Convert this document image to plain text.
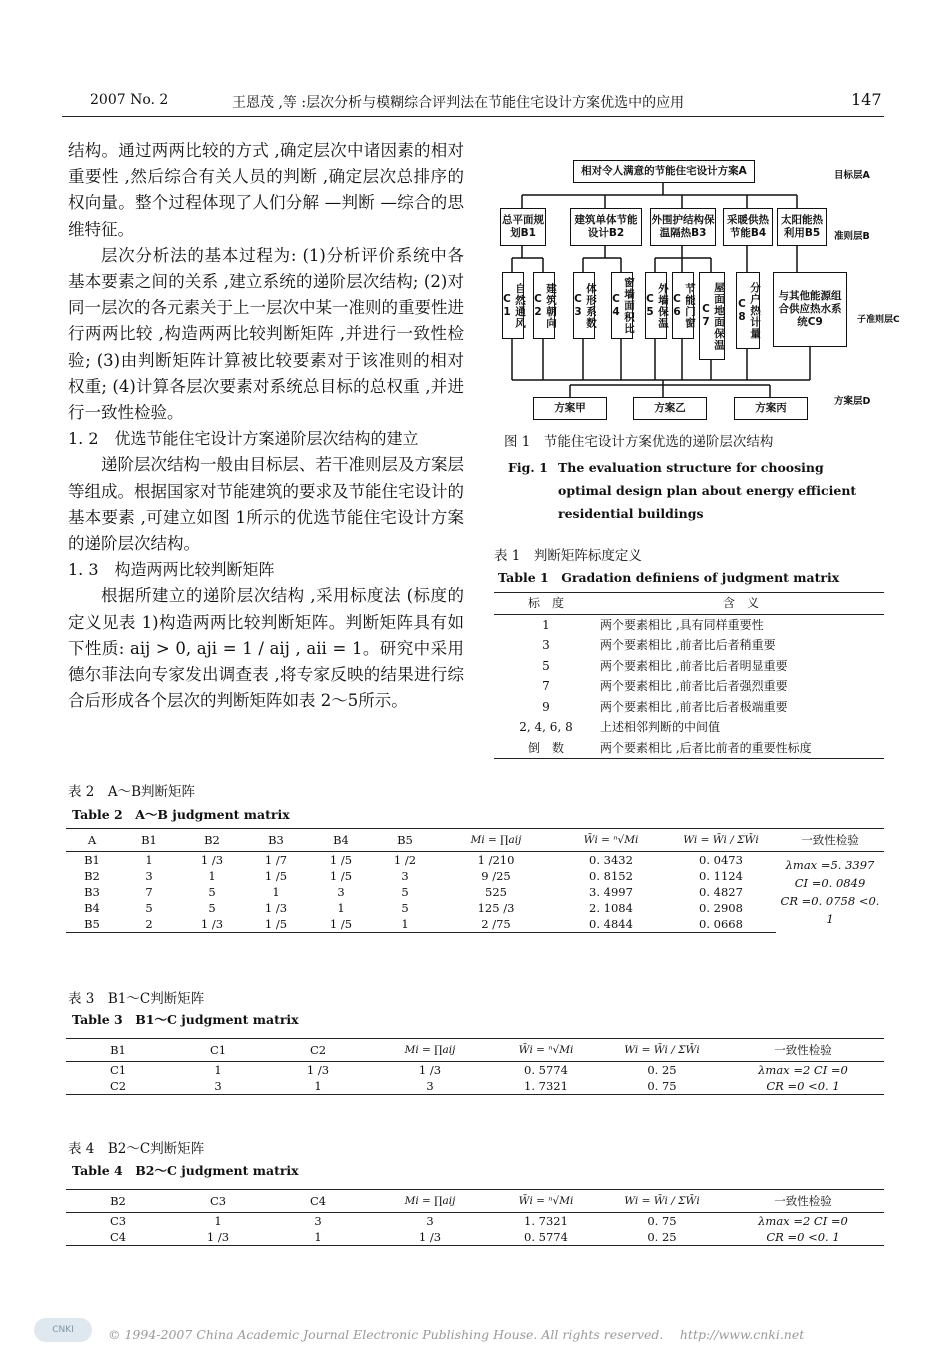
2007 No. 2	王恩茂 ,等 :层次分析与模糊综合评判法在节能住宅设计方案优选中的应用	147

结构。通过两两比较的方式 ,确定层次中诸因素的相对重要性 ,然后综合有关人员的判断 ,确定层次总排序的权向量。整个过程体现了人们分解 —判断 —综合的思维特征。

层次分析法的基本过程为: (1)分析评价系统中各基本要素之间的关系 ,建立系统的递阶层次结构; (2)对同一层次的各元素关于上一层次中某一准则的重要性进行两两比较 ,构造两两比较判断矩阵 ,并进行一致性检验; (3)由判断矩阵计算被比较要素对于该准则的相对权重; (4)计算各层次要素对系统总目标的总权重 ,并进行一致性检验。

1. 2　优选节能住宅设计方案递阶层次结构的建立

递阶层次结构一般由目标层、若干准则层及方案层等组成。根据国家对节能建筑的要求及节能住宅设计的基本要素 ,可建立如图 1所示的优选节能住宅设计方案的递阶层次结构。

1. 3　构造两两比较判断矩阵

根据所建立的递阶层次结构 ,采用标度法 (标度的定义见表 1)构造两两比较判断矩阵。判断矩阵具有如下性质: aij > 0, aji = 1 / aij , aii = 1。研究中采用德尔菲法向专家发出调查表 ,将专家反映的结果进行综合后形成各个层次的判断矩阵如表 2～5所示。

相对令人满意的节能住宅设计方案A	目标层A
总平面规划B1
建筑单体节能设计B2
外围护结构保温隔热B3
采暖供热节能B4
太阳能热利用B5	准则层B
自然通风C1	建筑朝向C2	体形系数C3	窗墙面积比C4	外墙保温C5	节能门窗C6	屋面地面保温C7	分户热计量C8
与其他能源组合供应热水系统C9	子准则层C
方案甲	方案乙	方案丙
方案层D
图 1　节能住宅设计方案优选的递阶层次结构
Fig. 1 The evaluation structure for choosing optimal design plan about energy efficient residential buildings
表 1　判断矩阵标度定义
Table 1　Gradation definiens of judgment matrix
标　度	含　义
1	两个要素相比 ,具有同样重要性
3	两个要素相比 ,前者比后者稍重要
5	两个要素相比 ,前者比后者明显重要
7	两个要素相比 ,前者比后者强烈重要
9	两个要素相比 ,前者比后者极端重要
2, 4, 6, 8	上述相邻判断的中间值
倒　数	两个要素相比 ,后者比前者的重要性标度
表 2　A～B判断矩阵
Table 2　A～B judgment matrix
A	B1	B2	B3	B4	B5	Mi = ∏aij	W̄i = ⁿ√Mi	Wi = W̄i / ΣW̄i	一致性检验
B1	1	1 /3	1 /7	1 /5	1 /2	1 /210	0. 3432	0. 0473	λmax =5. 3397
CI =0. 0849
CR =0. 0758 <0. 1

B2	3	1	1 /5	1 /5	3	9 /25	0. 8152	0. 1124	
B3	7	5	1	3	5	525	3. 4997	0. 4827	
B4	5	5	1 /3	1	5	125 /3	2. 1084	0. 2908	
B5	2	1 /3	1 /5	1 /5	1	2 /75	0. 4844	0. 0668	
表 3　B1～C判断矩阵
Table 3　B1～C judgment matrix
B1	C1	C2	Mi = ∏aij	W̄i = ⁿ√Mi	Wi = W̄i / ΣW̄i	一致性检验
C1	1	1 /3	1 /3	0. 5774	0. 25	λmax =2 CI =0
C2	3	1	3	1. 7321	0. 75	CR =0 <0. 1
表 4　B2～C判断矩阵
Table 4　B2～C judgment matrix
B2	C3	C4	Mi = ∏aij	W̄i = ⁿ√Mi	Wi = W̄i / ΣW̄i	一致性检验
C3	1	3	3	1. 7321	0. 75	λmax =2 CI =0
C4	1 /3	1	1 /3	0. 5774	0. 25	CR =0 <0. 1
CNKI	© 1994-2007 China Academic Journal Electronic Publishing House. All rights reserved.　 http://www.cnki.net
